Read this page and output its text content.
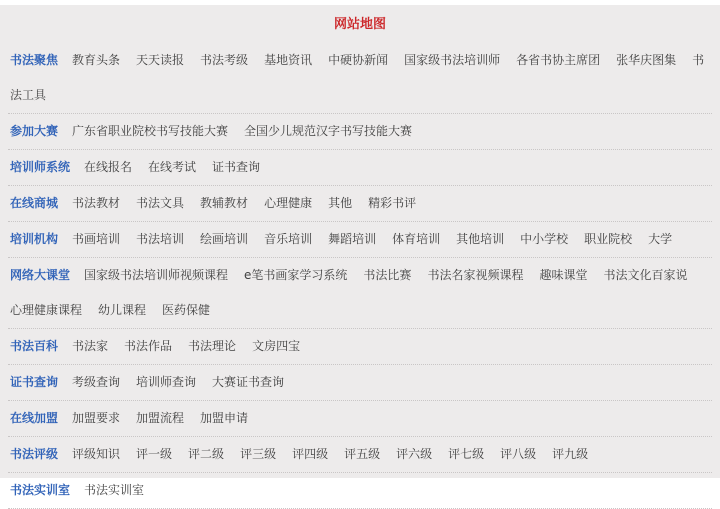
网站地图
书法聚焦 教育头条 天天读报 书法考级 基地资讯 中硬协新闻 国家级书法培训师 各省书协主席团 张华庆图集 书法工具
参加大赛 广东省职业院校书写技能大赛 全国少儿规范汉字书写技能大赛
培训师系统 在线报名 在线考试 证书查询
在线商城 书法教材 书法文具 教辅教材 心理健康 其他 精彩书评
培训机构 书画培训 书法培训 绘画培训 音乐培训 舞蹈培训 体育培训 其他培训 中小学校 职业院校 大学
网络大课堂 国家级书法培训师视频课程 e笔书画家学习系统 书法比赛 书法名家视频课程 趣味课堂 书法文化百家说心理健康课程 幼儿课程 医药保健
书法百科 书法家 书法作品 书法理论 文房四宝
证书查询 考级查询 培训师查询 大赛证书查询
在线加盟 加盟要求 加盟流程 加盟申请
书法评级 评级知识 评一级 评二级 评三级 评四级 评五级 评六级 评七级 评八级 评九级
书法实训室 书法实训室
